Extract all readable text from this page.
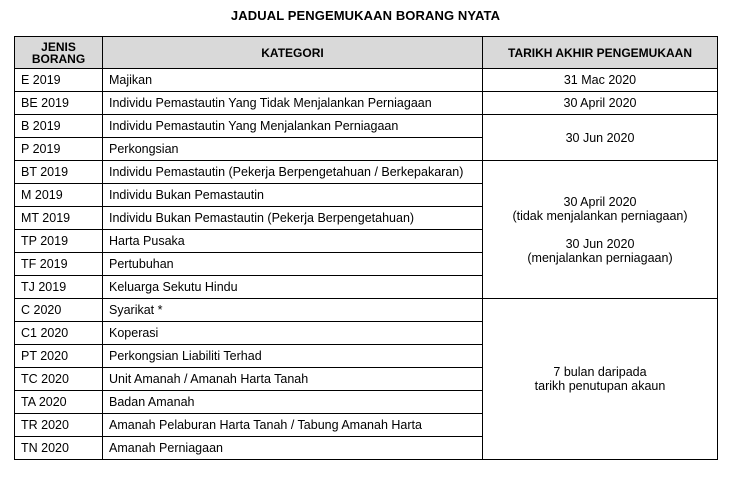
JADUAL PENGEMUKAAN BORANG NYATA
JENIS
BORANG	KATEGORI	TARIKH AKHIR PENGEMUKAAN
E 2019	Majikan	31 Mac 2020
BE 2019	Individu Pemastautin Yang Tidak Menjalankan Perniagaan	30 April 2020
B 2019	Individu Pemastautin Yang Menjalankan Perniagaan	30 Jun 2020
P 2019	Perkongsian	
BT 2019	Individu Pemastautin (Pekerja Berpengetahuan / Berkepakaran)	30 April 2020
(tidak menjalankan perniagaan)

30 Jun 2020
(menjalankan perniagaan)
M 2019	Individu Bukan Pemastautin	
MT 2019	Individu Bukan Pemastautin (Pekerja Berpengetahuan)	
TP 2019	Harta Pusaka	
TF 2019	Pertubuhan	
TJ 2019	Keluarga Sekutu Hindu	
C 2020	Syarikat *	7 bulan daripada
tarikh penutupan akaun
C1 2020	Koperasi	
PT 2020	Perkongsian Liabiliti Terhad	
TC 2020	Unit Amanah / Amanah Harta Tanah	
TA 2020	Badan Amanah	
TR 2020	Amanah Pelaburan Harta Tanah / Tabung Amanah Harta	
TN 2020	Amanah Perniagaan	
